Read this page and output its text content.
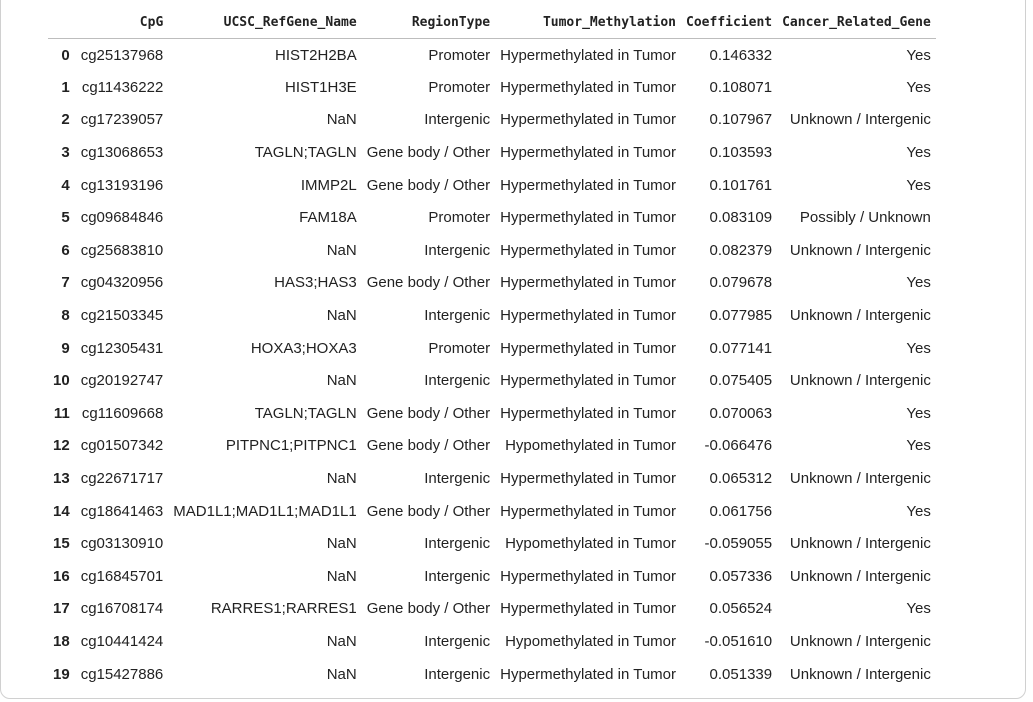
	CpG	UCSC_RefGene_Name	RegionType	Tumor_Methylation	Coefficient	Cancer_Related_Gene
0	cg25137968	HIST2H2BA	Promoter	Hypermethylated in Tumor	0.146332	Yes
1	cg11436222	HIST1H3E	Promoter	Hypermethylated in Tumor	0.108071	Yes
2	cg17239057	NaN	Intergenic	Hypermethylated in Tumor	0.107967	Unknown / Intergenic
3	cg13068653	TAGLN;TAGLN	Gene body / Other	Hypermethylated in Tumor	0.103593	Yes
4	cg13193196	IMMP2L	Gene body / Other	Hypermethylated in Tumor	0.101761	Yes
5	cg09684846	FAM18A	Promoter	Hypermethylated in Tumor	0.083109	Possibly / Unknown
6	cg25683810	NaN	Intergenic	Hypermethylated in Tumor	0.082379	Unknown / Intergenic
7	cg04320956	HAS3;HAS3	Gene body / Other	Hypermethylated in Tumor	0.079678	Yes
8	cg21503345	NaN	Intergenic	Hypermethylated in Tumor	0.077985	Unknown / Intergenic
9	cg12305431	HOXA3;HOXA3	Promoter	Hypermethylated in Tumor	0.077141	Yes
10	cg20192747	NaN	Intergenic	Hypermethylated in Tumor	0.075405	Unknown / Intergenic
11	cg11609668	TAGLN;TAGLN	Gene body / Other	Hypermethylated in Tumor	0.070063	Yes
12	cg01507342	PITPNC1;PITPNC1	Gene body / Other	Hypomethylated in Tumor	-0.066476	Yes
13	cg22671717	NaN	Intergenic	Hypermethylated in Tumor	0.065312	Unknown / Intergenic
14	cg18641463	MAD1L1;MAD1L1;MAD1L1	Gene body / Other	Hypermethylated in Tumor	0.061756	Yes
15	cg03130910	NaN	Intergenic	Hypomethylated in Tumor	-0.059055	Unknown / Intergenic
16	cg16845701	NaN	Intergenic	Hypermethylated in Tumor	0.057336	Unknown / Intergenic
17	cg16708174	RARRES1;RARRES1	Gene body / Other	Hypermethylated in Tumor	0.056524	Yes
18	cg10441424	NaN	Intergenic	Hypomethylated in Tumor	-0.051610	Unknown / Intergenic
19	cg15427886	NaN	Intergenic	Hypermethylated in Tumor	0.051339	Unknown / Intergenic
